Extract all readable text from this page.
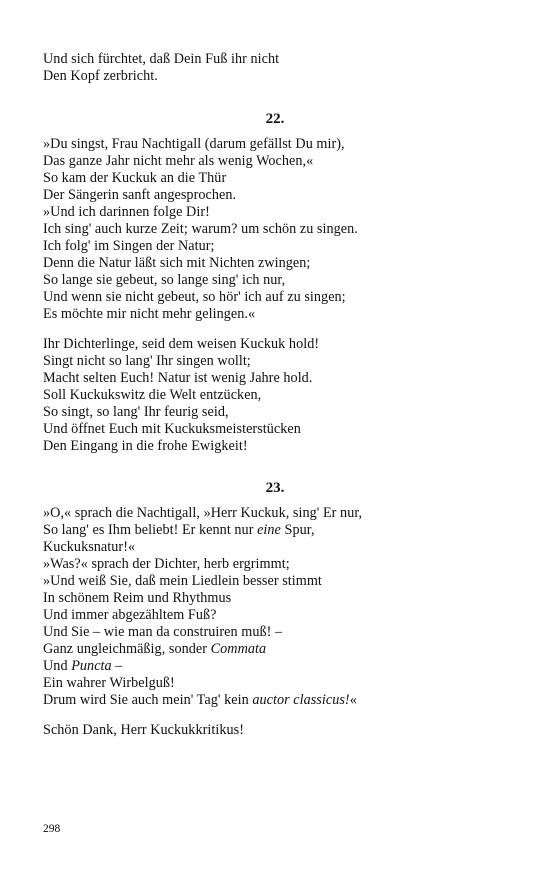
Und sich fürchtet, daß Dein Fuß ihr nicht
Den Kopf zerbricht.
22.
»Du singst, Frau Nachtigall (darum gefällst Du mir),
Das ganze Jahr nicht mehr als wenig Wochen,«
So kam der Kuckuk an die Thür
Der Sängerin sanft angesprochen.
»Und ich darinnen folge Dir!
Ich sing' auch kurze Zeit; warum? um schön zu singen.
Ich folg' im Singen der Natur;
Denn die Natur läßt sich mit Nichten zwingen;
So lange sie gebeut, so lange sing' ich nur,
Und wenn sie nicht gebeut, so hör' ich auf zu singen;
Es möchte mir nicht mehr gelingen.«
Ihr Dichterlinge, seid dem weisen Kuckuk hold!
Singt nicht so lang' Ihr singen wollt;
Macht selten Euch! Natur ist wenig Jahre hold.
Soll Kuckukswitz die Welt entzücken,
So singt, so lang' Ihr feurig seid,
Und öffnet Euch mit Kuckuksmeisterstücken
Den Eingang in die frohe Ewigkeit!
23.
»O,« sprach die Nachtigall, »Herr Kuckuk, sing' Er nur,
So lang' es Ihm beliebt! Er kennt nur eine Spur,
Kuckuksnatur!«
»Was?« sprach der Dichter, herb ergrimmt;
»Und weiß Sie, daß mein Liedlein besser stimmt
In schönem Reim und Rhythmus
Und immer abgezähltem Fuß?
Und Sie – wie man da construiren muß! –
Ganz ungleichmäßig, sonder Commata
Und Puncta –
Ein wahrer Wirbelguß!
Drum wird Sie auch mein' Tag' kein auctor classicus!«
Schön Dank, Herr Kuckukkritikus!
298
